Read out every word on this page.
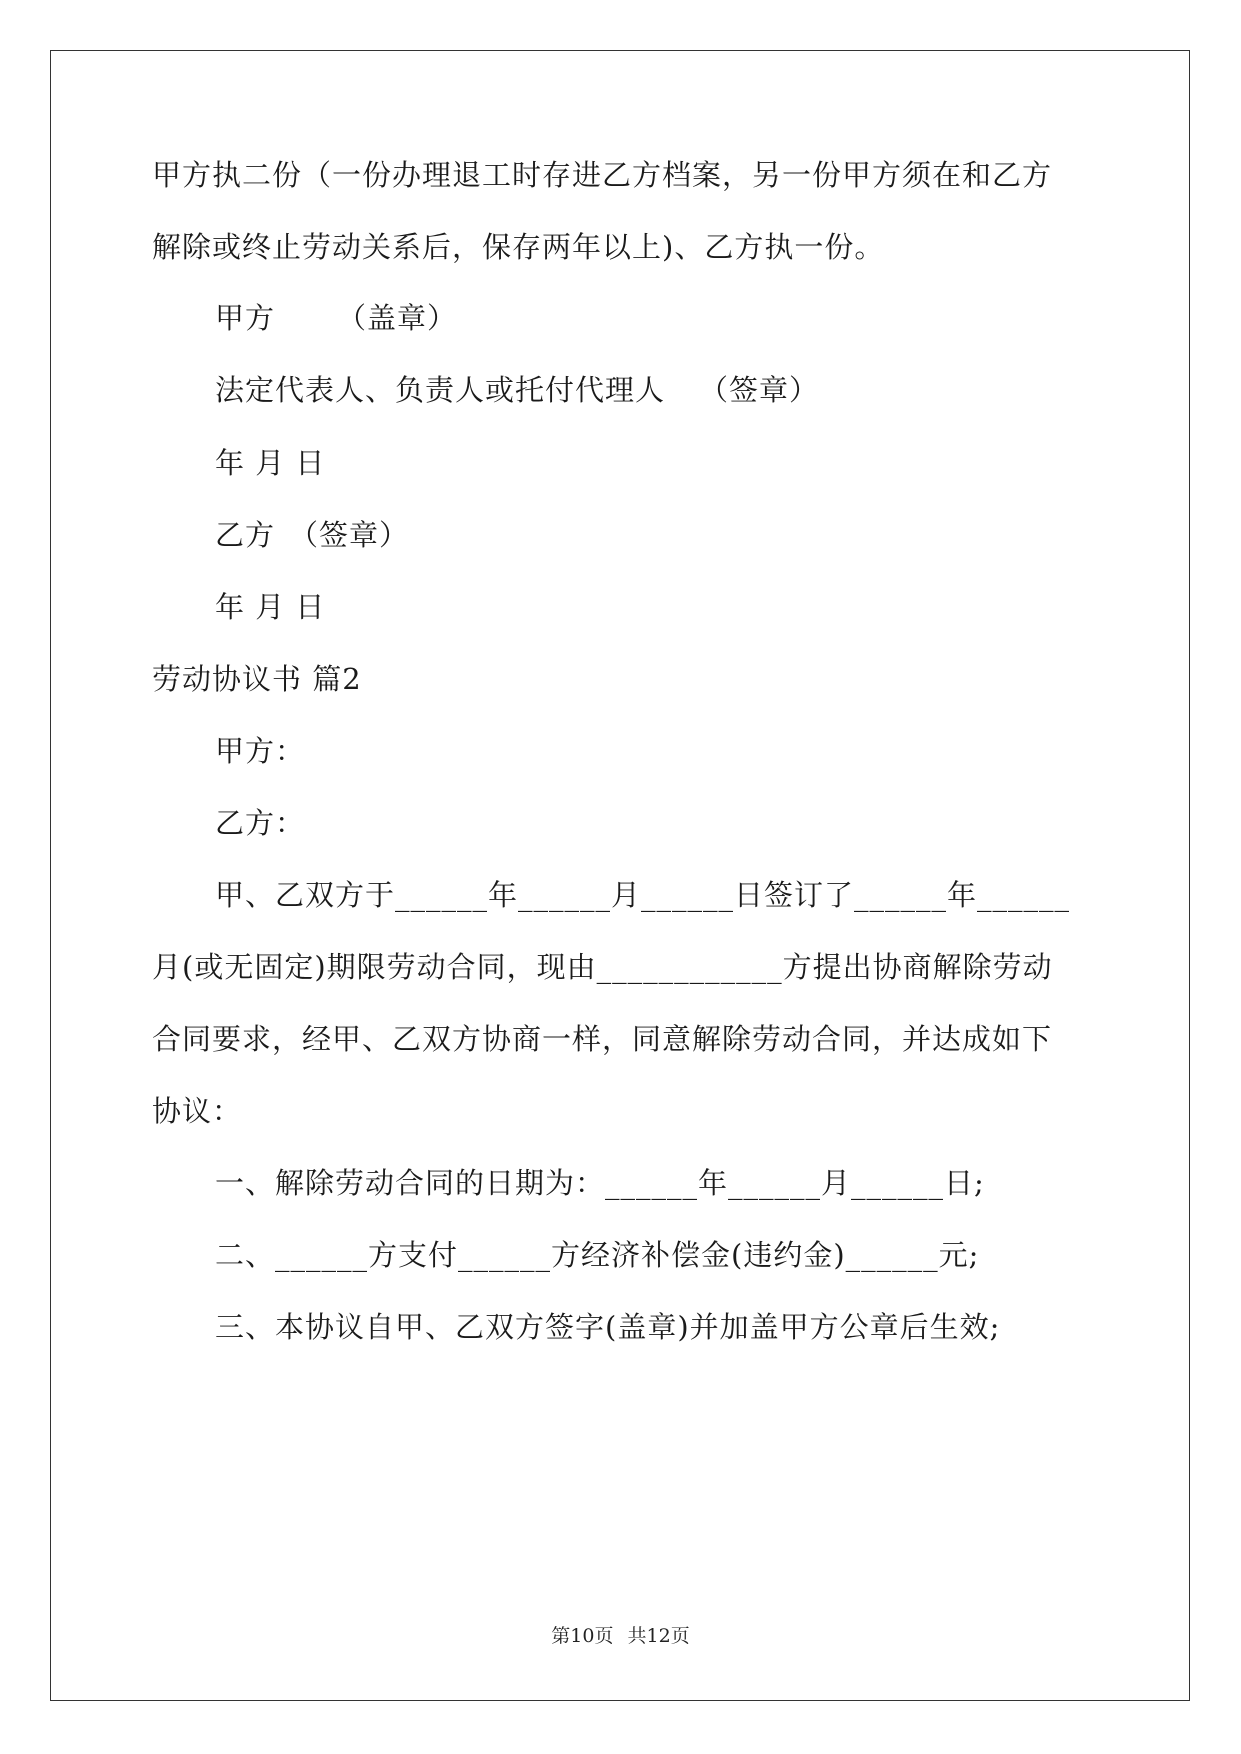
甲方执二份（一份办理退工时存进乙方档案，另一份甲方须在和乙方
解除或终止劳动关系后，保存两年以上)、乙方执一份。
甲方 （盖章）
法定代表人、负责人或托付代理人 （签章）
年 月 日
乙方 （签章）
年 月 日
劳动协议书 篇2
甲方：
乙方：
甲、乙双方于______年______月______日签订了______年______
月(或无固定)期限劳动合同，现由____________方提出协商解除劳动
合同要求，经甲、乙双方协商一样，同意解除劳动合同，并达成如下
协议：
一、解除劳动合同的日期为：______年______月______日;
二、______方支付______方经济补偿金(违约金)______元;
三、本协议自甲、乙双方签字(盖章)并加盖甲方公章后生效;
第10页 共12页
